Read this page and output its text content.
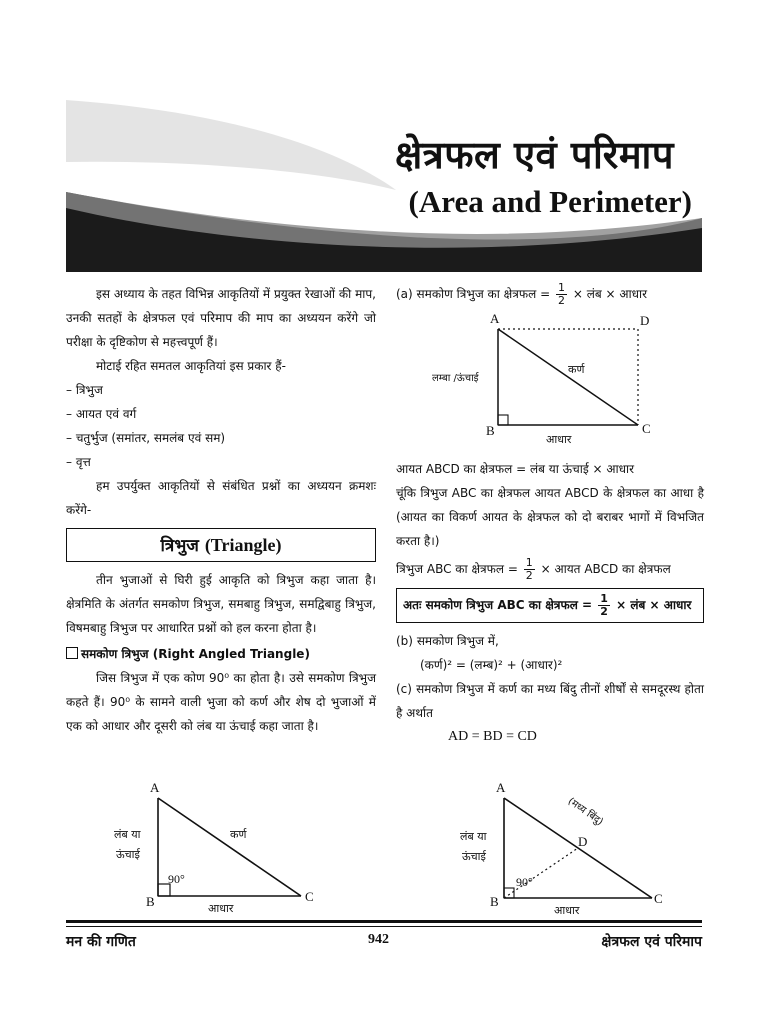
क्षेत्रफल एवं परिमाप
(Area and Perimeter)

इस अध्याय के तहत विभिन्न आकृतियों में प्रयुक्त रेखाओं की माप, उनकी सतहों के क्षेत्रफल एवं परिमाप की माप का अध्ययन करेंगे जो परीक्षा के दृष्टिकोण से महत्त्वपूर्ण हैं।

मोटाई रहित समतल आकृतियां इस प्रकार हैं-

– त्रिभुज
– आयत एवं वर्ग
– चतुर्भुज (समांतर, समलंब एवं सम)
– वृत्त

हम उपर्युक्त आकृतियों से संबंधित प्रश्नों का अध्ययन क्रमशः करेंगे-

त्रिभुज (Triangle)

तीन भुजाओं से घिरी हुई आकृति को त्रिभुज कहा जाता है। क्षेत्रमिति के अंतर्गत समकोण त्रिभुज, समबाहु त्रिभुज, समद्विबाहु त्रिभुज, विषमबाहु त्रिभुज पर आधारित प्रश्नों को हल करना होता है।

समकोण त्रिभुज (Right Angled Triangle)

जिस त्रिभुज में एक कोण 90⁰ का होता है। उसे समकोण त्रिभुज कहते हैं। 90⁰ के सामने वाली भुजा को कर्ण और शेष दो भुजाओं में एक को आधार और दूसरी को लंब या ऊंचाई कहा जाता है।

A
B	C
लंब या
ऊंचाई
कर्ण
आधार
90°

(a) समकोण त्रिभुज का क्षेत्रफल = $\frac{1}{2}$ × लंब × आधार

A
B	C
D
लम्बा /ऊंचाई
कर्ण
आधार

आयत ABCD का क्षेत्रफल = लंब या ऊंचाई × आधार

चूंकि त्रिभुज ABC का क्षेत्रफल आयत ABCD के क्षेत्रफल का आधा है (आयत का विकर्ण आयत के क्षेत्रफल को दो बराबर भागों में विभजित करता है।)

त्रिभुज ABC का क्षेत्रफल = $\frac{1}{2}$ × आयत ABCD का क्षेत्रफल

अतः समकोण त्रिभुज ABC का क्षेत्रफल = $\frac{1}{2}$ × लंब × आधार

(b) समकोण त्रिभुज में,

(कर्ण)² = (लम्ब)² + (आधार)²

(c) समकोण त्रिभुज में कर्ण का मध्य बिंदु तीनों शीर्षों से समदूरस्थ होता है अर्थात

AD = BD = CD

A
B	C
D
लंब या
ऊंचाई
(मध्य बिंदु)
आधार
90°
मन की गणित	942	क्षेत्रफल एवं परिमाप
